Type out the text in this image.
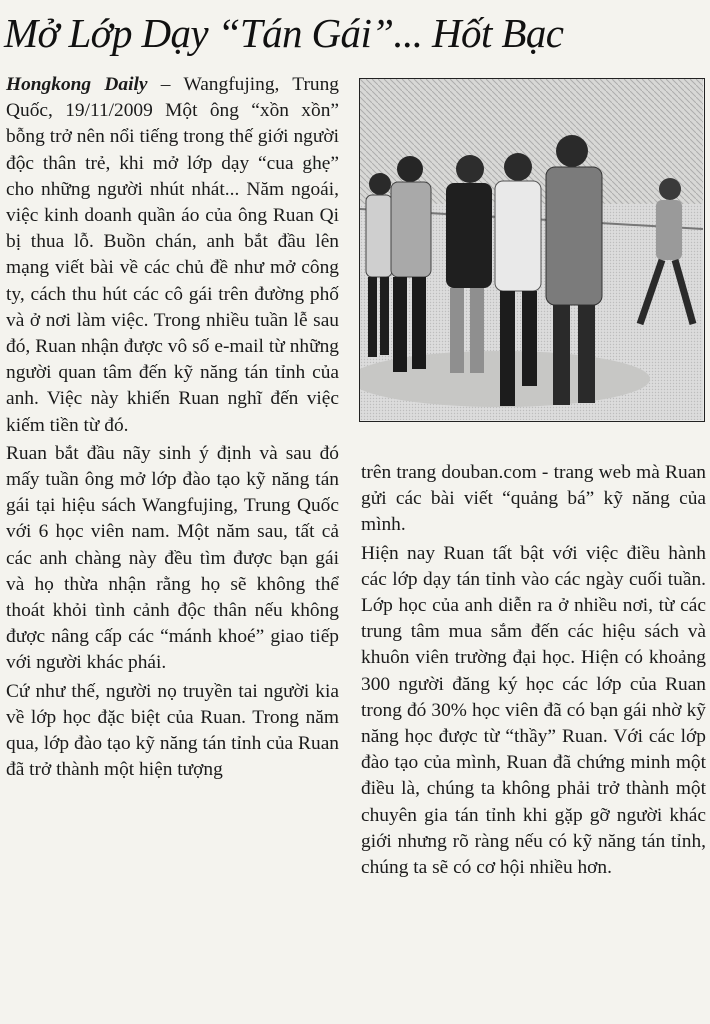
Mở Lớp Dạy “Tán Gái”... Hốt Bạc

Hongkong Daily – Wangfujing, Trung Quốc, 19/11/2009 Một ông “xồn xồn” bỗng trở nên nổi tiếng trong thế giới người độc thân trẻ, khi mở lớp dạy “cua ghẹ” cho những người nhút nhát... Năm ngoái, việc kinh doanh quần áo của ông Ruan Qi bị thua lỗ. Buồn chán, anh bắt đầu lên mạng viết bài về các chủ đề như mở công ty, cách thu hút các cô gái trên đường phố và ở nơi làm việc. Trong nhiều tuần lễ sau đó, Ruan nhận được vô số e-mail từ những người quan tâm đến kỹ năng tán tỉnh của anh. Việc này khiến Ruan nghĩ đến việc kiếm tiền từ đó.

Ruan bắt đầu nãy sinh ý định và sau đó mấy tuần ông mở lớp đào tạo kỹ năng tán gái tại hiệu sách Wangfujing, Trung Quốc với 6 học viên nam. Một năm sau, tất cả các anh chàng này đều tìm được bạn gái và họ thừa nhận rằng họ sẽ không thể thoát khỏi tình cảnh độc thân nếu không được nâng cấp các “mánh khoé” giao tiếp với người khác phái.

Cứ như thế, người nọ truyền tai người kia về lớp học đặc biệt của Ruan. Trong năm qua, lớp đào tạo kỹ năng tán tỉnh của Ruan đã trở thành một hiện tượng

trên trang douban.com - trang web mà Ruan gửi các bài viết “quảng bá” kỹ năng của mình.

Hiện nay Ruan tất bật với việc điều hành các lớp dạy tán tỉnh vào các ngày cuối tuần. Lớp học của anh diễn ra ở nhiều nơi, từ các trung tâm mua sắm đến các hiệu sách và khuôn viên trường đại học. Hiện có khoảng 300 người đăng ký học các lớp của Ruan trong đó 30% học viên đã có bạn gái nhờ kỹ năng học được từ “thầy” Ruan. Với các lớp đào tạo của mình, Ruan đã chứng minh một điều là, chúng ta không phải trở thành một chuyên gia tán tỉnh khi gặp gỡ người khác giới nhưng rõ ràng nếu có kỹ năng tán tỉnh, chúng ta sẽ có cơ hội nhiều hơn.
